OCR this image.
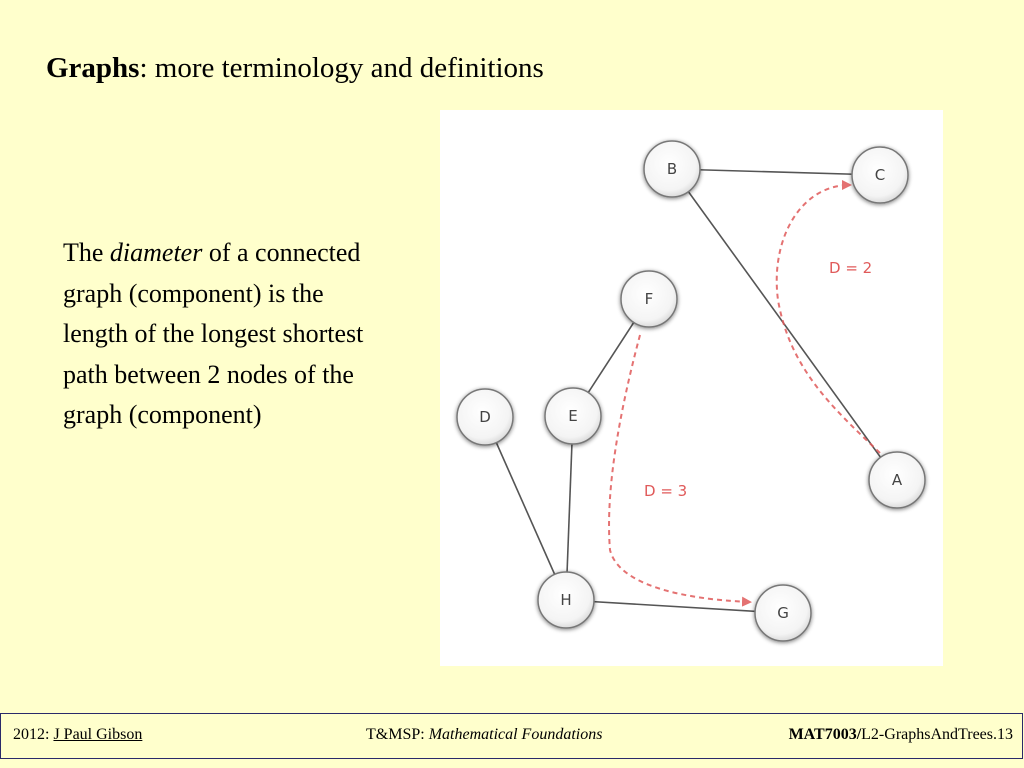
Graphs: more terminology and definitions
The diameter of a connected graph (component) is the length of the longest shortest path between 2 nodes of the graph (component)
D = 2
D = 3
B	C
F
D	E
A
H
G
2012: J Paul Gibson	T&MSP: Mathematical Foundations	MAT7003/L2-GraphsAndTrees.13
